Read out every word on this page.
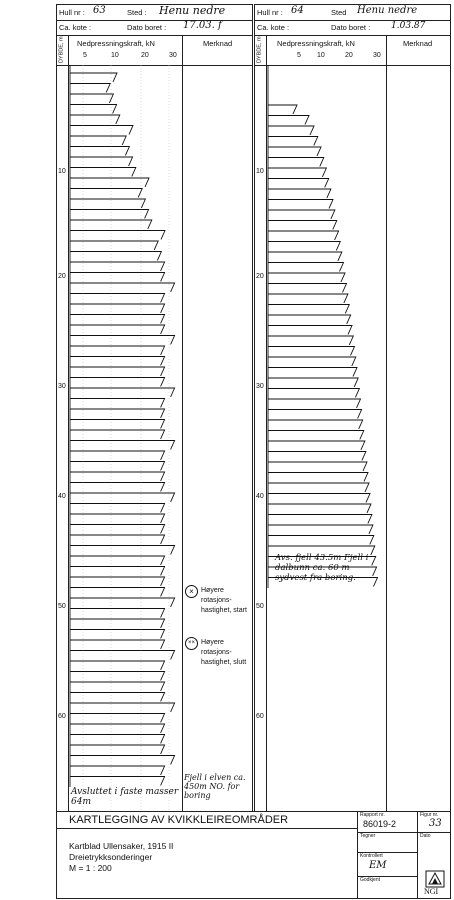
Hull nr : 63	Sted : Henu nedre
Ca. kote :	Dato boret : 17.03. f
DYBDE, m Nedpressningskraft, kN	Merknad
5	10	20	30
10
20
30
40
50
60
×	Høyere rotasjons- hastighet, start
×× Høyere rotasjons- hastighet, slutt
Avsluttet i faste masser 64m
Fjell i elven ca. 450m NO. for boring
Hull nr : 64	Sted Henu nedre
Ca. kote :	Dato boret : 1.03.87
DYBDE, m Nedpressningskraft, kN	Merknad
5 10	20	30
10
20
30
40
50
60
Avs. fjell 43.5m Fjell i dalbunn ca. 60 m sydvest fra boring.
KARTLEGGING AV KVIKKLEIREOMRÅDER
Kartblad Ullensaker, 1915 II
Dreietrykksonderinger
M = 1 : 200
Rapport nr.
86019-2
Figur nr.
33
Tegner	Dato
Kontrollert
EM
Godkjent
NGI
